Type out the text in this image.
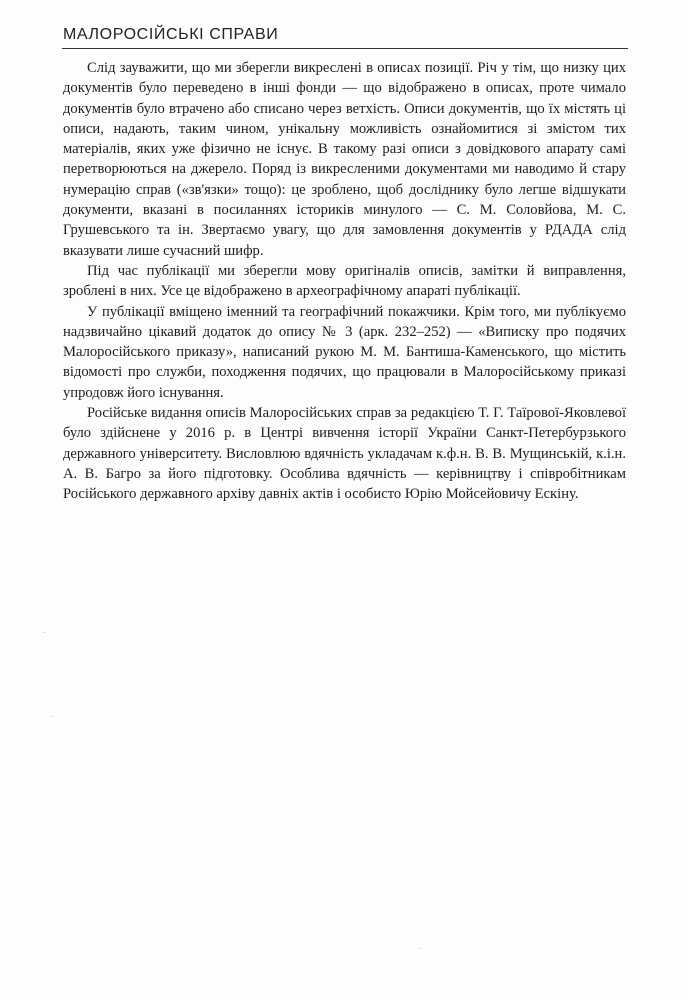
МАЛОРОСІЙСЬКІ СПРАВИ

Слід зауважити, що ми зберегли викреслені в описах позиції. Річ у тім, що низку цих документів було переведено в інші фонди — що відображено в описах, проте чимало документів було втрачено або списано через ветхість. Описи документів, що їх містять ці описи, надають, таким чином, унікальну можливість ознайомитися зі змістом тих матеріалів, яких уже фізично не існує. В такому разі описи з довідкового апарату самі перетворюються на джерело. Поряд із викресленими документами ми наводимо й стару нумерацію справ («зв'язки» тощо): це зроблено, щоб досліднику було легше відшукати документи, вказані в посиланнях істориків минулого — С. М. Соловйова, М. С. Грушевського та ін. Звертаємо увагу, що для замовлення документів у РДАДА слід вказувати лише сучасний шифр.

Під час публікації ми зберегли мову оригіналів описів, замітки й виправлення, зроблені в них. Усе це відображено в археографічному апараті публікації.

У публікації вміщено іменний та географічний покажчики. Крім того, ми публікуємо надзвичайно цікавий додаток до опису № 3 (арк. 232–252) — «Виписку про подячих Малоросійського приказу», написаний рукою М. М. Бантиша-Каменського, що містить відомості про служби, походження подячих, що працювали в Малоросійському приказі упродовж його існування.

Російське видання описів Малоросійських справ за редакцією Т. Г. Таїрової-Яковлевої було здійснене у 2016 р. в Центрі вивчення історії України Санкт-Петербурзького державного університету. Висловлюю вдячність укладачам к.ф.н. В. В. Мущинській, к.і.н. А. В. Багро за його підготовку. Особлива вдячність — керівництву і співробітникам Російського державного архіву давніх актів і особисто Юрію Мойсейовичу Ескіну.
